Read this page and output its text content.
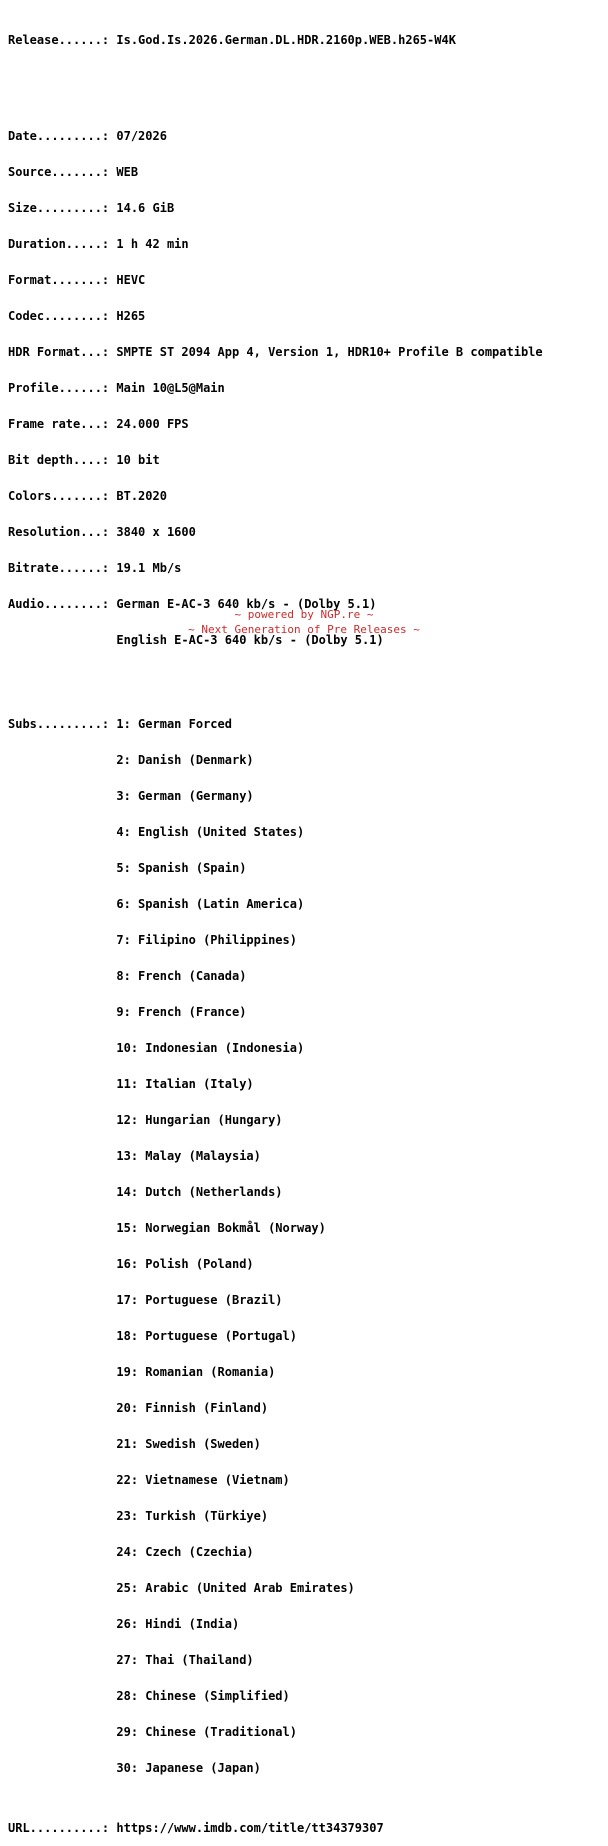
Release......: Is.God.Is.2026.German.DL.HDR.2160p.WEB.h265-W4K

Date.........: 07/2026

Source.......: WEB

Size.........: 14.6 GiB

Duration.....: 1 h 42 min

Format.......: HEVC

Codec........: H265

HDR Format...: SMPTE ST 2094 App 4, Version 1, HDR10+ Profile B compatible

Profile......: Main 10@L5@Main

Frame rate...: 24.000 FPS

Bit depth....: 10 bit

Colors.......: BT.2020

Resolution...: 3840 x 1600

Bitrate......: 19.1 Mb/s

Audio........: German E-AC-3 640 kb/s - (Dolby 5.1)

English E-AC-3 640 kb/s - (Dolby 5.1)

Subs.........: 1: German Forced

2: Danish (Denmark)

3: German (Germany)

4: English (United States)

5: Spanish (Spain)

6: Spanish (Latin America)

7: Filipino (Philippines)

8: French (Canada)

9: French (France)

10: Indonesian (Indonesia)

11: Italian (Italy)

12: Hungarian (Hungary)

13: Malay (Malaysia)

14: Dutch (Netherlands)

15: Norwegian Bokmål (Norway)

16: Polish (Poland)

17: Portuguese (Brazil)

18: Portuguese (Portugal)

19: Romanian (Romania)

20: Finnish (Finland)

21: Swedish (Sweden)

22: Vietnamese (Vietnam)

23: Turkish (Türkiye)

24: Czech (Czechia)

25: Arabic (United Arab Emirates)

26: Hindi (India)

27: Thai (Thailand)

28: Chinese (Simplified)

29: Chinese (Traditional)

30: Japanese (Japan)

URL..........: https://www.imdb.com/title/tt34379307

~ powered by NGP.re ~
~ Next Generation of Pre Releases ~
